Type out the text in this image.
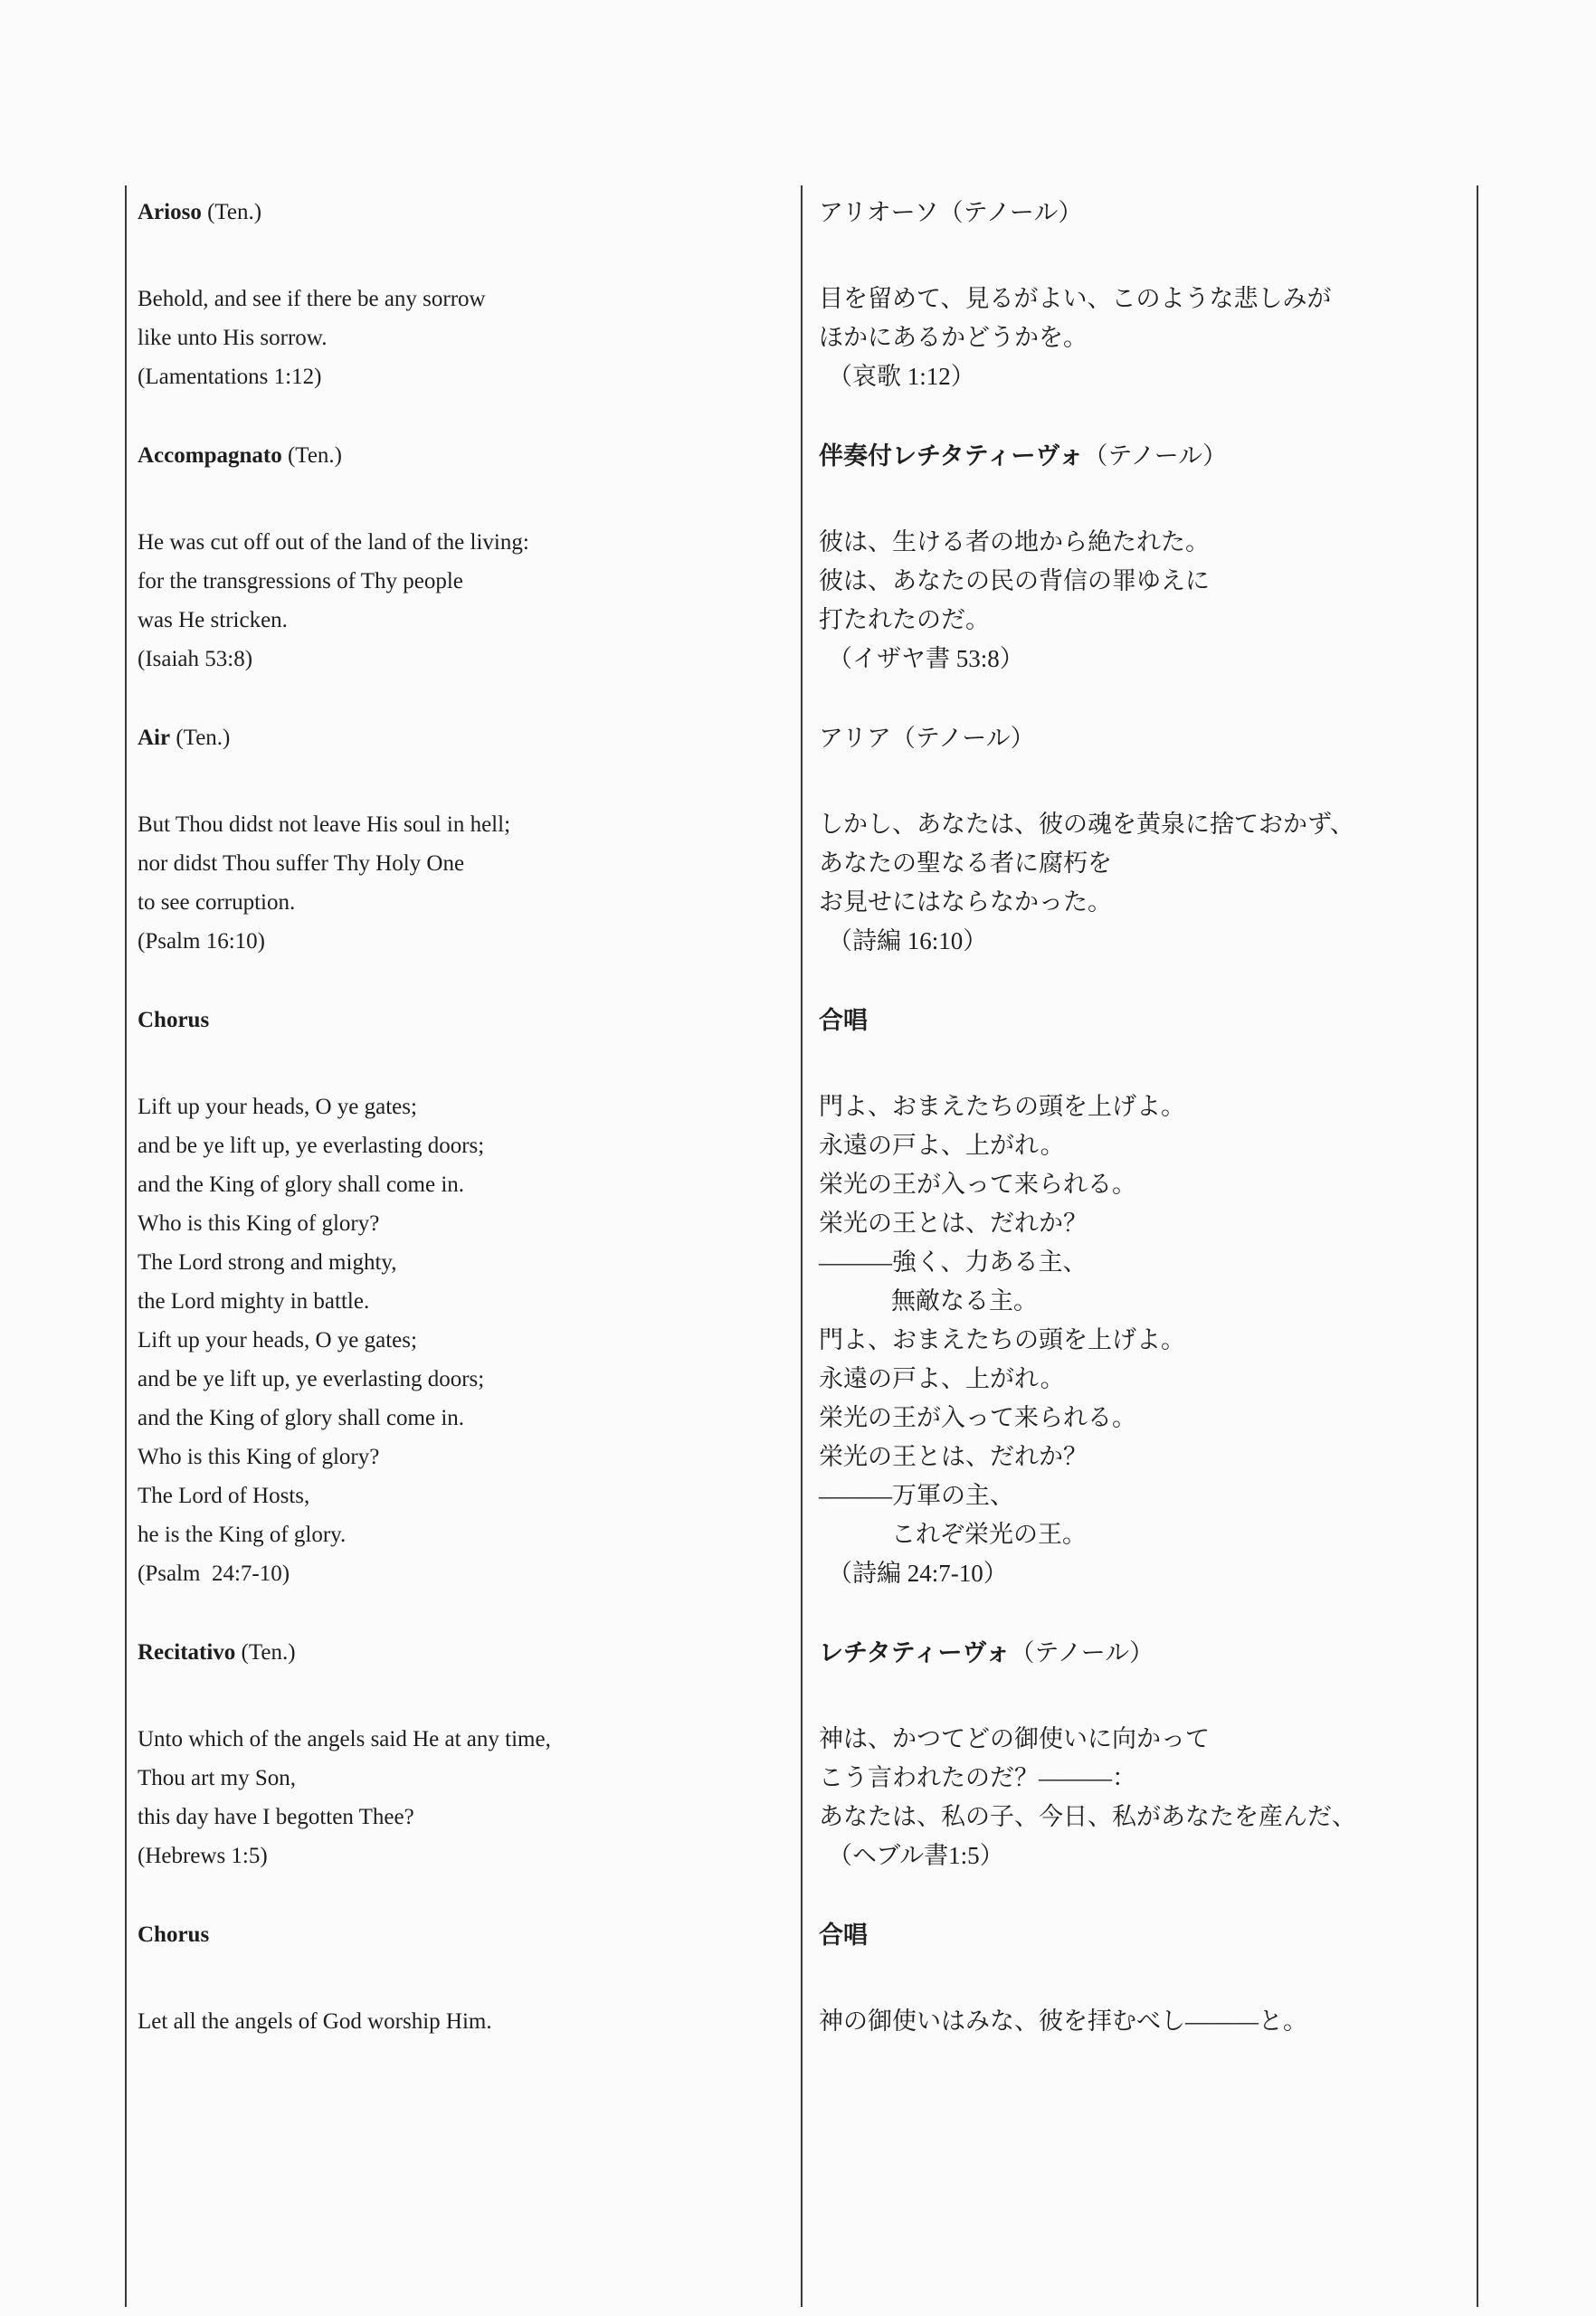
Arioso (Ten.)
Behold, and see if there be any sorrow
like unto His sorrow.
(Lamentations 1:12)
Accompagnato (Ten.)
He was cut off out of the land of the living:
for the transgressions of Thy people
was He stricken.
(Isaiah 53:8)
Air (Ten.)
But Thou didst not leave His soul in hell;
nor didst Thou suffer Thy Holy One
to see corruption.
(Psalm 16:10)
Chorus
Lift up your heads, O ye gates;
and be ye lift up, ye everlasting doors;
and the King of glory shall come in.
Who is this King of glory?
The Lord strong and mighty,
the Lord mighty in battle.
Lift up your heads, O ye gates;
and be ye lift up, ye everlasting doors;
and the King of glory shall come in.
Who is this King of glory?
The Lord of Hosts,
he is the King of glory.
(Psalm  24:7-10)
Recitativo (Ten.)
Unto which of the angels said He at any time,
Thou art my Son,
this day have I begotten Thee?
(Hebrews 1:5)
Chorus
Let all the angels of God worship Him.
アリオーソ（テノール）
目を留めて、見るがよい、このような悲しみが
ほかにあるかどうかを。
（哀歌 1:12）
伴奏付レチタティーヴォ（テノール）
彼は、生ける者の地から絶たれた。
彼は、あなたの民の背信の罪ゆえに
打たれたのだ。
（イザヤ書 53:8）
アリア（テノール）
しかし、あなたは、彼の魂を黄泉に捨ておかず、
あなたの聖なる者に腐朽を
お見せにはならなかった。
（詩編 16:10）
合唱
門よ、おまえたちの頭を上げよ。
永遠の戸よ、上がれ。
栄光の王が入って来られる。
栄光の王とは、だれか？
―――強く、力ある主、
無敵なる主。
門よ、おまえたちの頭を上げよ。
永遠の戸よ、上がれ。
栄光の王が入って来られる。
栄光の王とは、だれか？
―――万軍の主、
これぞ栄光の王。
（詩編 24:7-10）
レチタティーヴォ（テノール）
神は、かつてどの御使いに向かって
こう言われたのだ？―――：
あなたは、私の子、今日、私があなたを産んだ、
（ヘブル書1:5）
合唱
神の御使いはみな、彼を拝むべし―――と。
